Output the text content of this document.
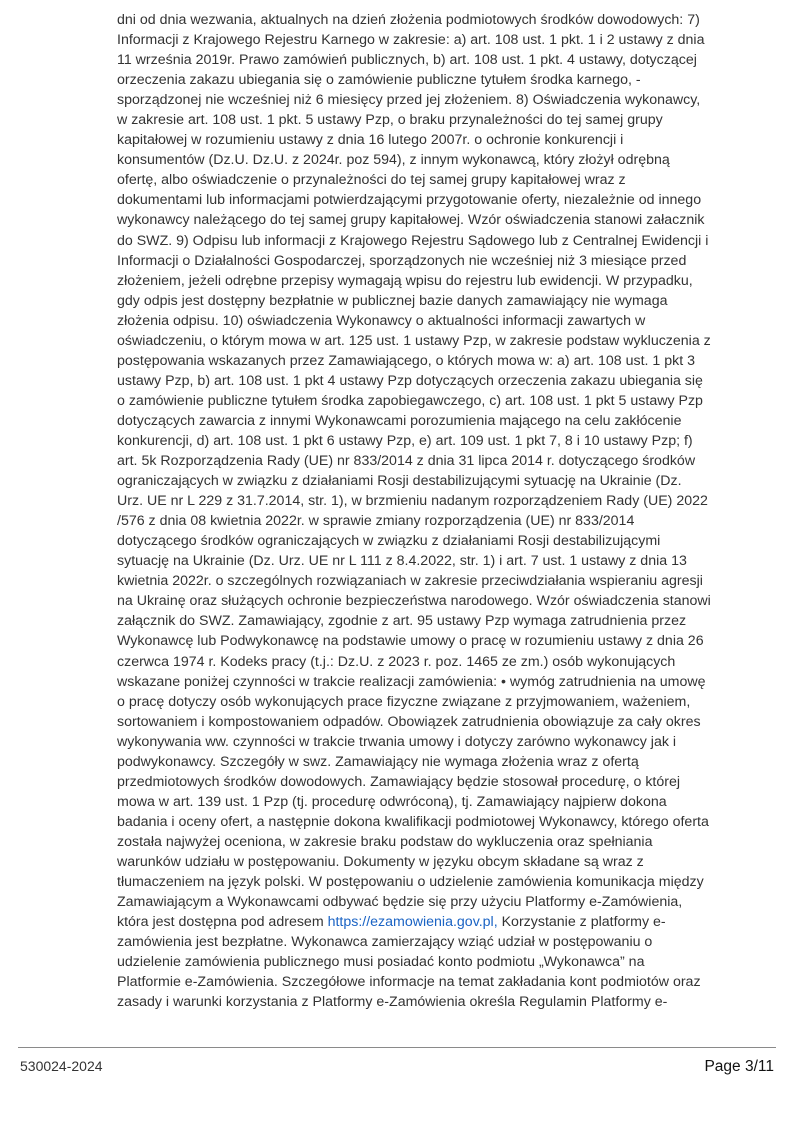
dni od dnia wezwania, aktualnych na dzień złożenia podmiotowych środków dowodowych: 7)
Informacji z Krajowego Rejestru Karnego w zakresie: a) art. 108 ust. 1 pkt. 1 i 2 ustawy z dnia
11 września 2019r. Prawo zamówień publicznych, b) art. 108 ust. 1 pkt. 4 ustawy, dotyczącej
orzeczenia zakazu ubiegania się o zamówienie publiczne tytułem środka karnego, -
sporządzonej nie wcześniej niż 6 miesięcy przed jej złożeniem. 8) Oświadczenia wykonawcy,
w zakresie art. 108 ust. 1 pkt. 5 ustawy Pzp, o braku przynależności do tej samej grupy
kapitałowej w rozumieniu ustawy z dnia 16 lutego 2007r. o ochronie konkurencji i
konsumentów (Dz.U. Dz.U. z 2024r. poz 594), z innym wykonawcą, który złożył odrębną
ofertę, albo oświadczenie o przynależności do tej samej grupy kapitałowej wraz z
dokumentami lub informacjami potwierdzającymi przygotowanie oferty, niezależnie od innego
wykonawcy należącego do tej samej grupy kapitałowej. Wzór oświadczenia stanowi załacznik
do SWZ. 9) Odpisu lub informacji z Krajowego Rejestru Sądowego lub z Centralnej Ewidencji i
Informacji o Działalności Gospodarczej, sporządzonych nie wcześniej niż 3 miesiące przed
złożeniem, jeżeli odrębne przepisy wymagają wpisu do rejestru lub ewidencji. W przypadku,
gdy odpis jest dostępny bezpłatnie w publicznej bazie danych zamawiający nie wymaga
złożenia odpisu. 10) oświadczenia Wykonawcy o aktualności informacji zawartych w
oświadczeniu, o którym mowa w art. 125 ust. 1 ustawy Pzp, w zakresie podstaw wykluczenia z
postępowania wskazanych przez Zamawiającego, o których mowa w: a) art. 108 ust. 1 pkt 3
ustawy Pzp, b) art. 108 ust. 1 pkt 4 ustawy Pzp dotyczących orzeczenia zakazu ubiegania się
o zamówienie publiczne tytułem środka zapobiegawczego, c) art. 108 ust. 1 pkt 5 ustawy Pzp
dotyczących zawarcia z innymi Wykonawcami porozumienia mającego na celu zakłócenie
konkurencji, d) art. 108 ust. 1 pkt 6 ustawy Pzp, e) art. 109 ust. 1 pkt 7, 8 i 10 ustawy Pzp; f)
art. 5k Rozporządzenia Rady (UE) nr 833/2014 z dnia 31 lipca 2014 r. dotyczącego środków
ograniczających w związku z działaniami Rosji destabilizującymi sytuację na Ukrainie (Dz.
Urz. UE nr L 229 z 31.7.2014, str. 1), w brzmieniu nadanym rozporządzeniem Rady (UE) 2022
/576 z dnia 08 kwietnia 2022r. w sprawie zmiany rozporządzenia (UE) nr 833/2014
dotyczącego środków ograniczających w związku z działaniami Rosji destabilizującymi
sytuację na Ukrainie (Dz. Urz. UE nr L 111 z 8.4.2022, str. 1) i art. 7 ust. 1 ustawy z dnia 13
kwietnia 2022r. o szczególnych rozwiązaniach w zakresie przeciwdziałania wspieraniu agresji
na Ukrainę oraz służących ochronie bezpieczeństwa narodowego. Wzór oświadczenia stanowi
załącznik do SWZ. Zamawiający, zgodnie z art. 95 ustawy Pzp wymaga zatrudnienia przez
Wykonawcę lub Podwykonawcę na podstawie umowy o pracę w rozumieniu ustawy z dnia 26
czerwca 1974 r. Kodeks pracy (t.j.: Dz.U. z 2023 r. poz. 1465 ze zm.) osób wykonujących
wskazane poniżej czynności w trakcie realizacji zamówienia: • wymóg zatrudnienia na umowę
o pracę dotyczy osób wykonujących prace fizyczne związane z przyjmowaniem, ważeniem,
sortowaniem i kompostowaniem odpadów. Obowiązek zatrudnienia obowiązuje za cały okres
wykonywania ww. czynności w trakcie trwania umowy i dotyczy zarówno wykonawcy jak i
podwykonawcy. Szczegóły w swz. Zamawiający nie wymaga złożenia wraz z ofertą
przedmiotowych środków dowodowych. Zamawiający będzie stosował procedurę, o której
mowa w art. 139 ust. 1 Pzp (tj. procedurę odwróconą), tj. Zamawiający najpierw dokona
badania i oceny ofert, a następnie dokona kwalifikacji podmiotowej Wykonawcy, którego oferta
została najwyżej oceniona, w zakresie braku podstaw do wykluczenia oraz spełniania
warunków udziału w postępowaniu. Dokumenty w języku obcym składane są wraz z
tłumaczeniem na język polski. W postępowaniu o udzielenie zamówienia komunikacja między
Zamawiającym a Wykonawcami odbywać będzie się przy użyciu Platformy e-Zamówienia,
która jest dostępna pod adresem https://ezamowienia.gov.pl, Korzystanie z platformy e-
zamówienia jest bezpłatne. Wykonawca zamierzający wziąć udział w postępowaniu o
udzielenie zamówienia publicznego musi posiadać konto podmiotu „Wykonawca” na
Platformie e-Zamówienia. Szczegółowe informacje na temat zakładania kont podmiotów oraz
zasady i warunki korzystania z Platformy e-Zamówienia określa Regulamin Platformy e-
530024-2024	Page 3/11
